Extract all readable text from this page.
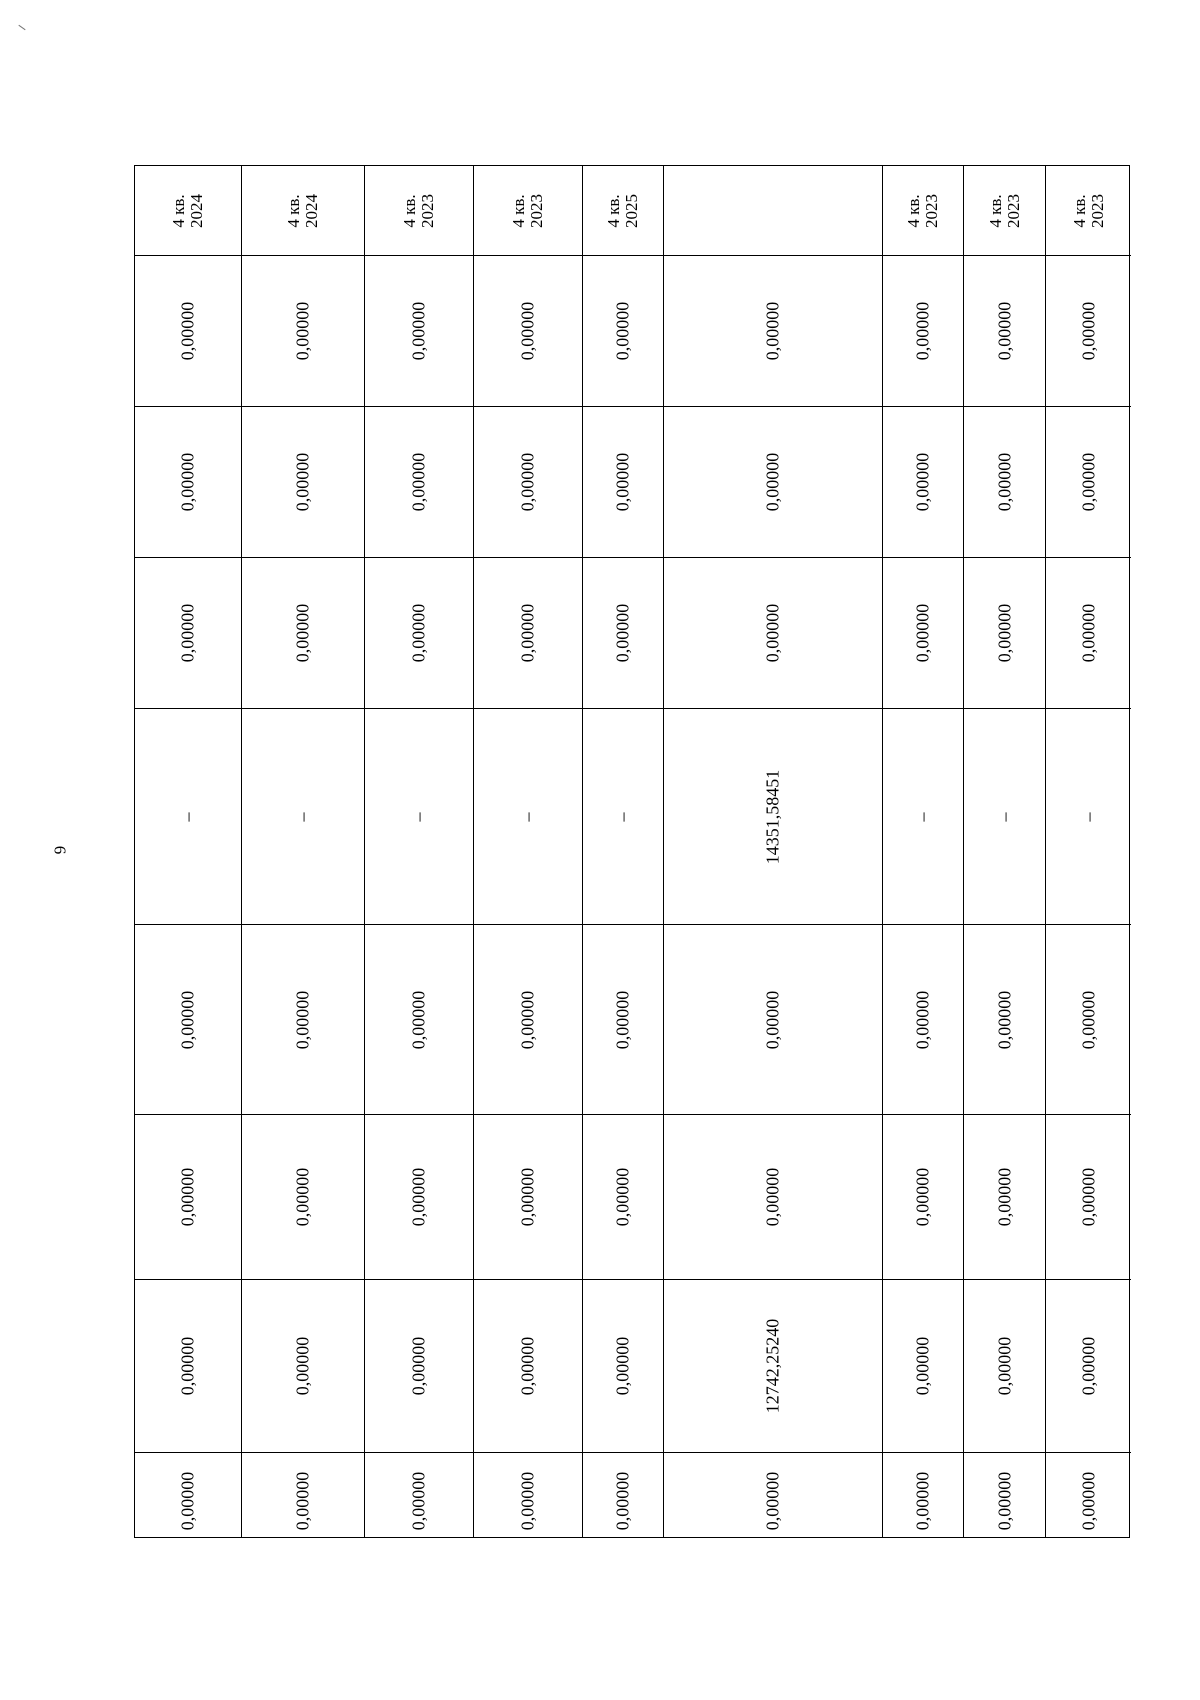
6
4 кв.
2024
0,00000
0,00000
0,00000
–
0,00000
0,00000
0,00000
0,00000
4 кв.
2024
0,00000
0,00000
0,00000
–
0,00000
0,00000
0,00000
0,00000
4 кв.
2023
0,00000
0,00000
0,00000
–
0,00000
0,00000
0,00000
0,00000
4 кв.
2023
0,00000
0,00000
0,00000
–
0,00000
0,00000
0,00000
0,00000
4 кв.
2025
0,00000
0,00000
0,00000
–
0,00000
0,00000
0,00000
0,00000
0,00000
0,00000
0,00000
14351,58451
0,00000
0,00000
12742,25240
0,00000
4 кв.
2023
0,00000
0,00000
0,00000
–
0,00000
0,00000
0,00000
0,00000
4 кв.
2023
0,00000
0,00000
0,00000
–
0,00000
0,00000
0,00000
0,00000
4 кв.
2023
0,00000
0,00000
0,00000
–
0,00000
0,00000
0,00000
0,00000
